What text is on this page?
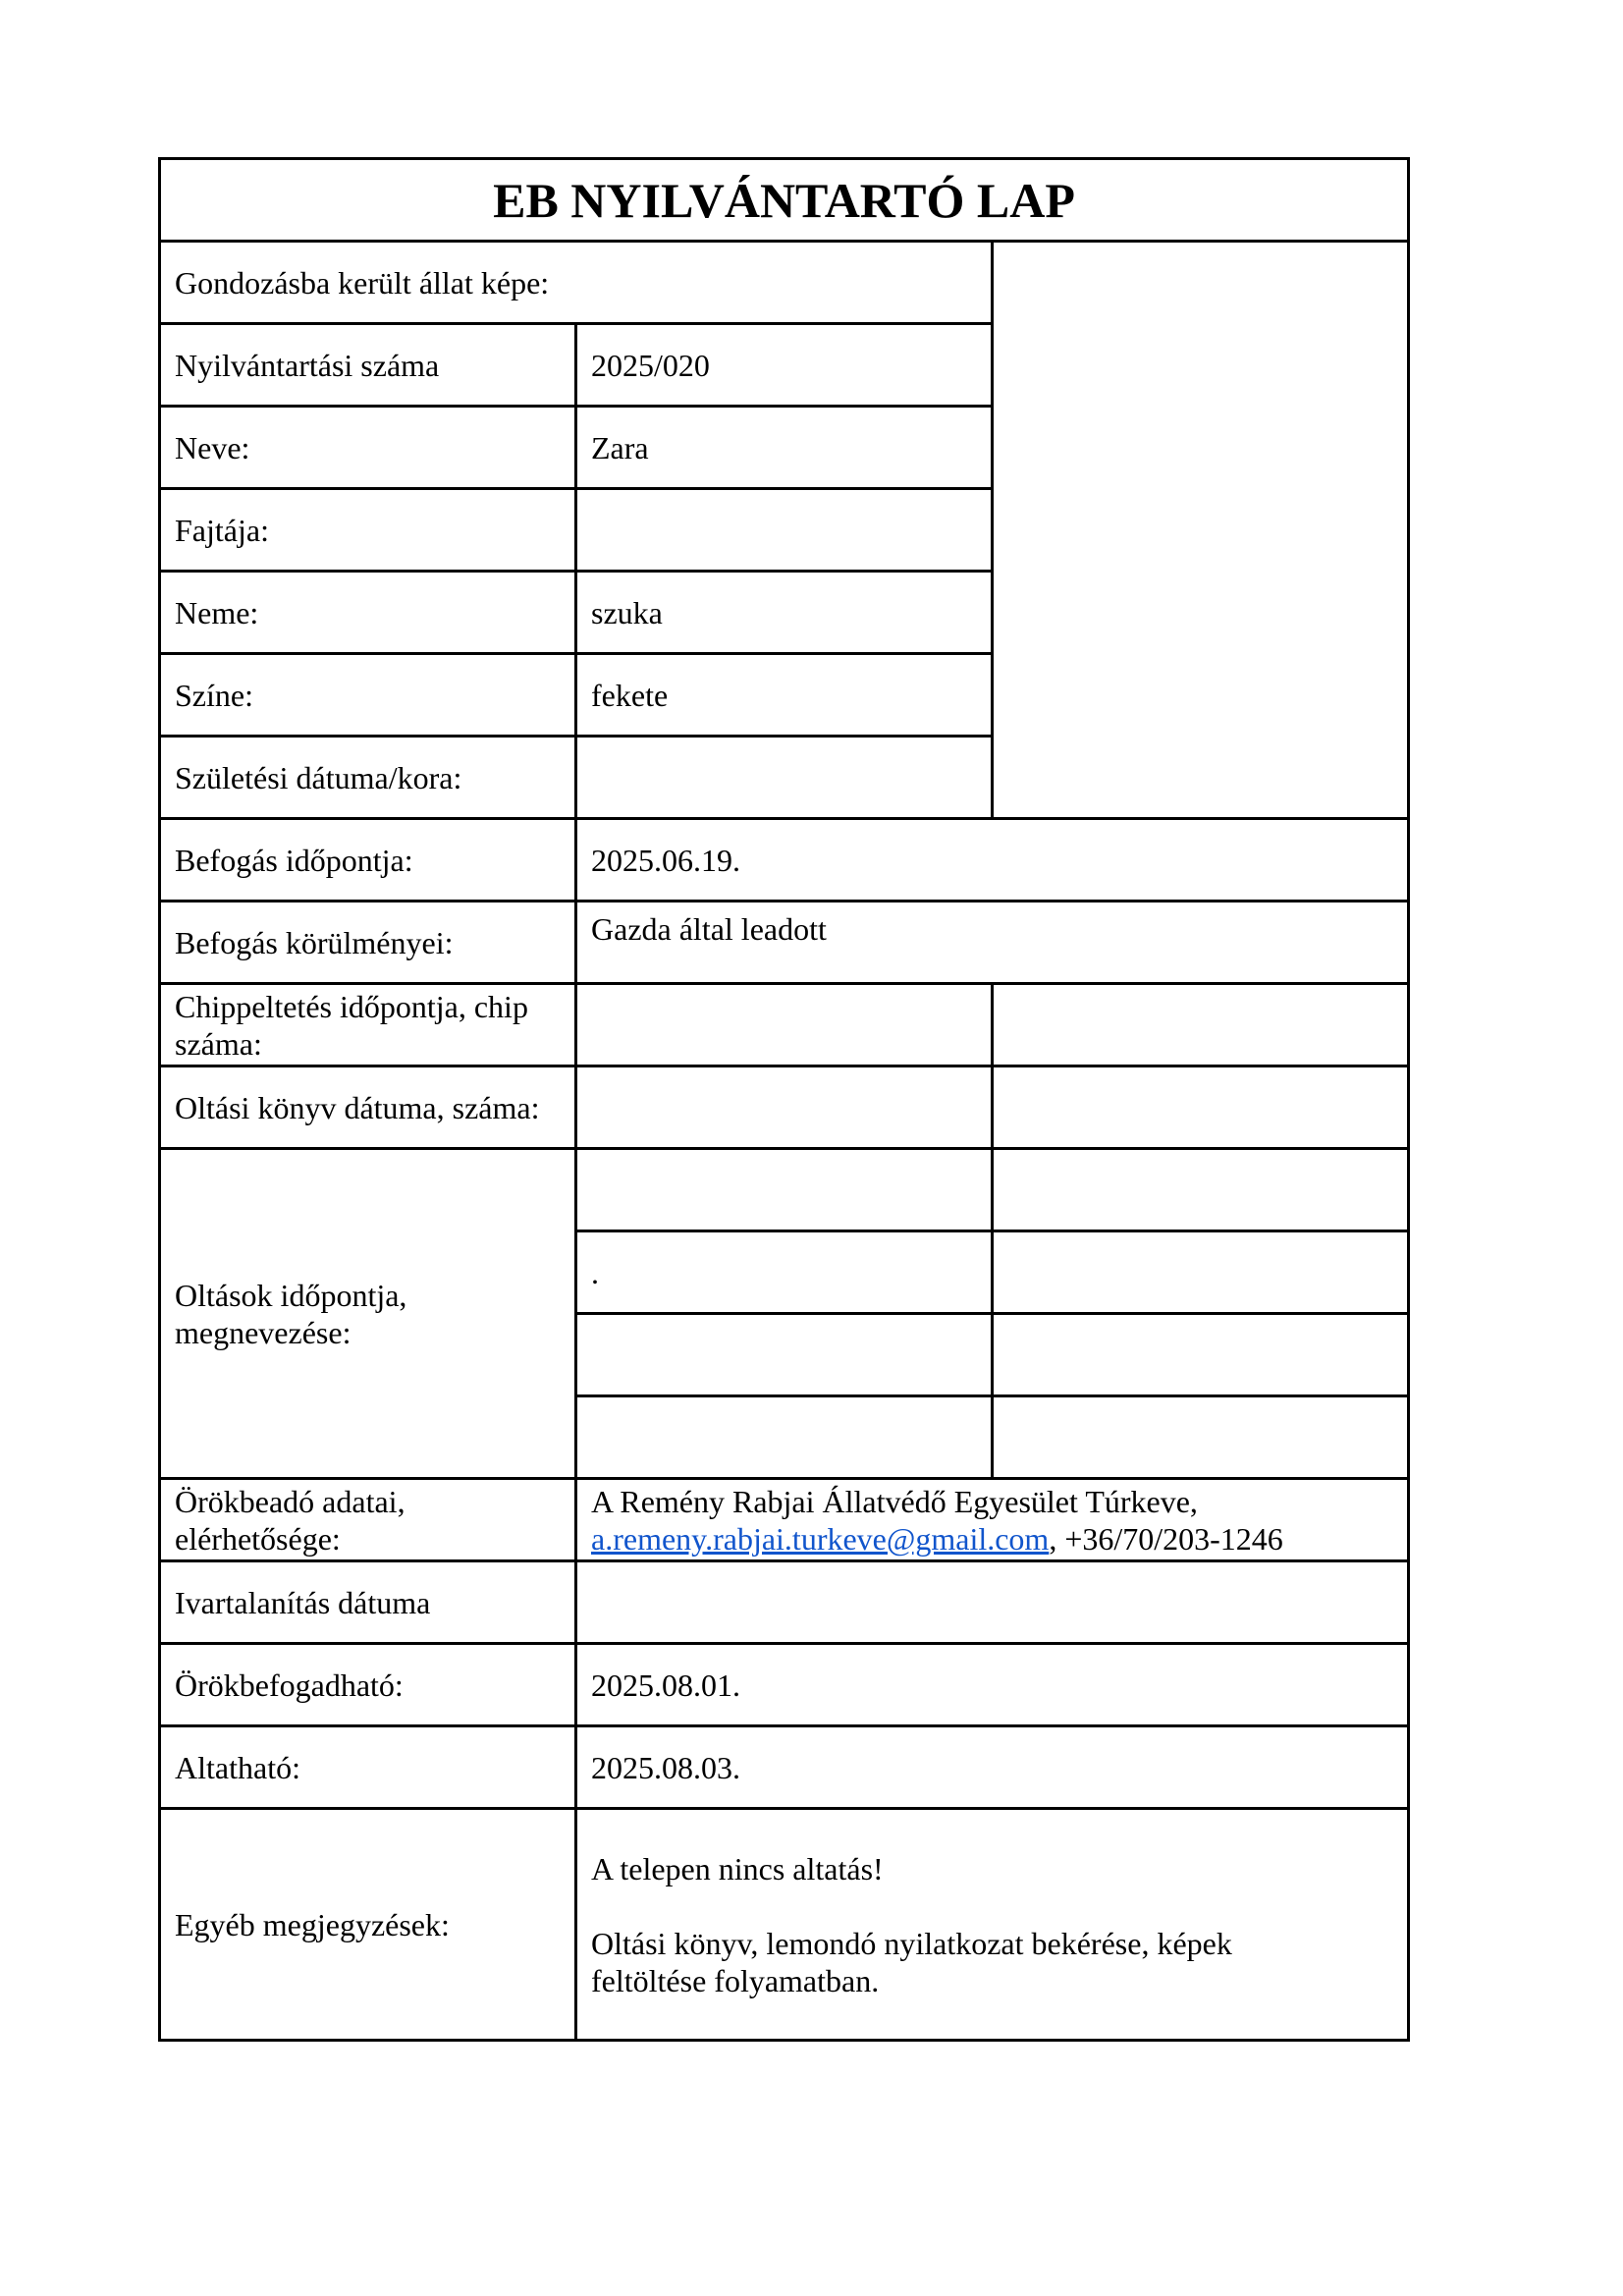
EB NYILVÁNTARTÓ LAP		
Gondozásba került állat képe:		
Nyilvántartási száma	2025/020	
Neve:	Zara	
Fajtája:		
Neme:	szuka	
Színe:	fekete	
Születési dátuma/kora:		
Befogás időpontja:	2025.06.19.	
Befogás körülményei:	Gazda által leadott	
Chippeltetés időpontja, chip száma:		
Oltási könyv dátuma, száma:		
Oltások időpontja, megnevezése:		
	.	

Örökbeadó adatai, elérhetősége:	A Remény Rabjai Állatvédő Egyesület Túrkeve,
a.remeny.rabjai.turkeve@gmail.com, +36/70/203-1246	
Ivartalanítás dátuma		
Örökbefogadható:	2025.08.01.	
Altatható:	2025.08.03.	
Egyéb megjegyzések:	A telepen nincs altatás!
Oltási könyv, lemondó nyilatkozat bekérése, képek feltöltése folyamatban.	
